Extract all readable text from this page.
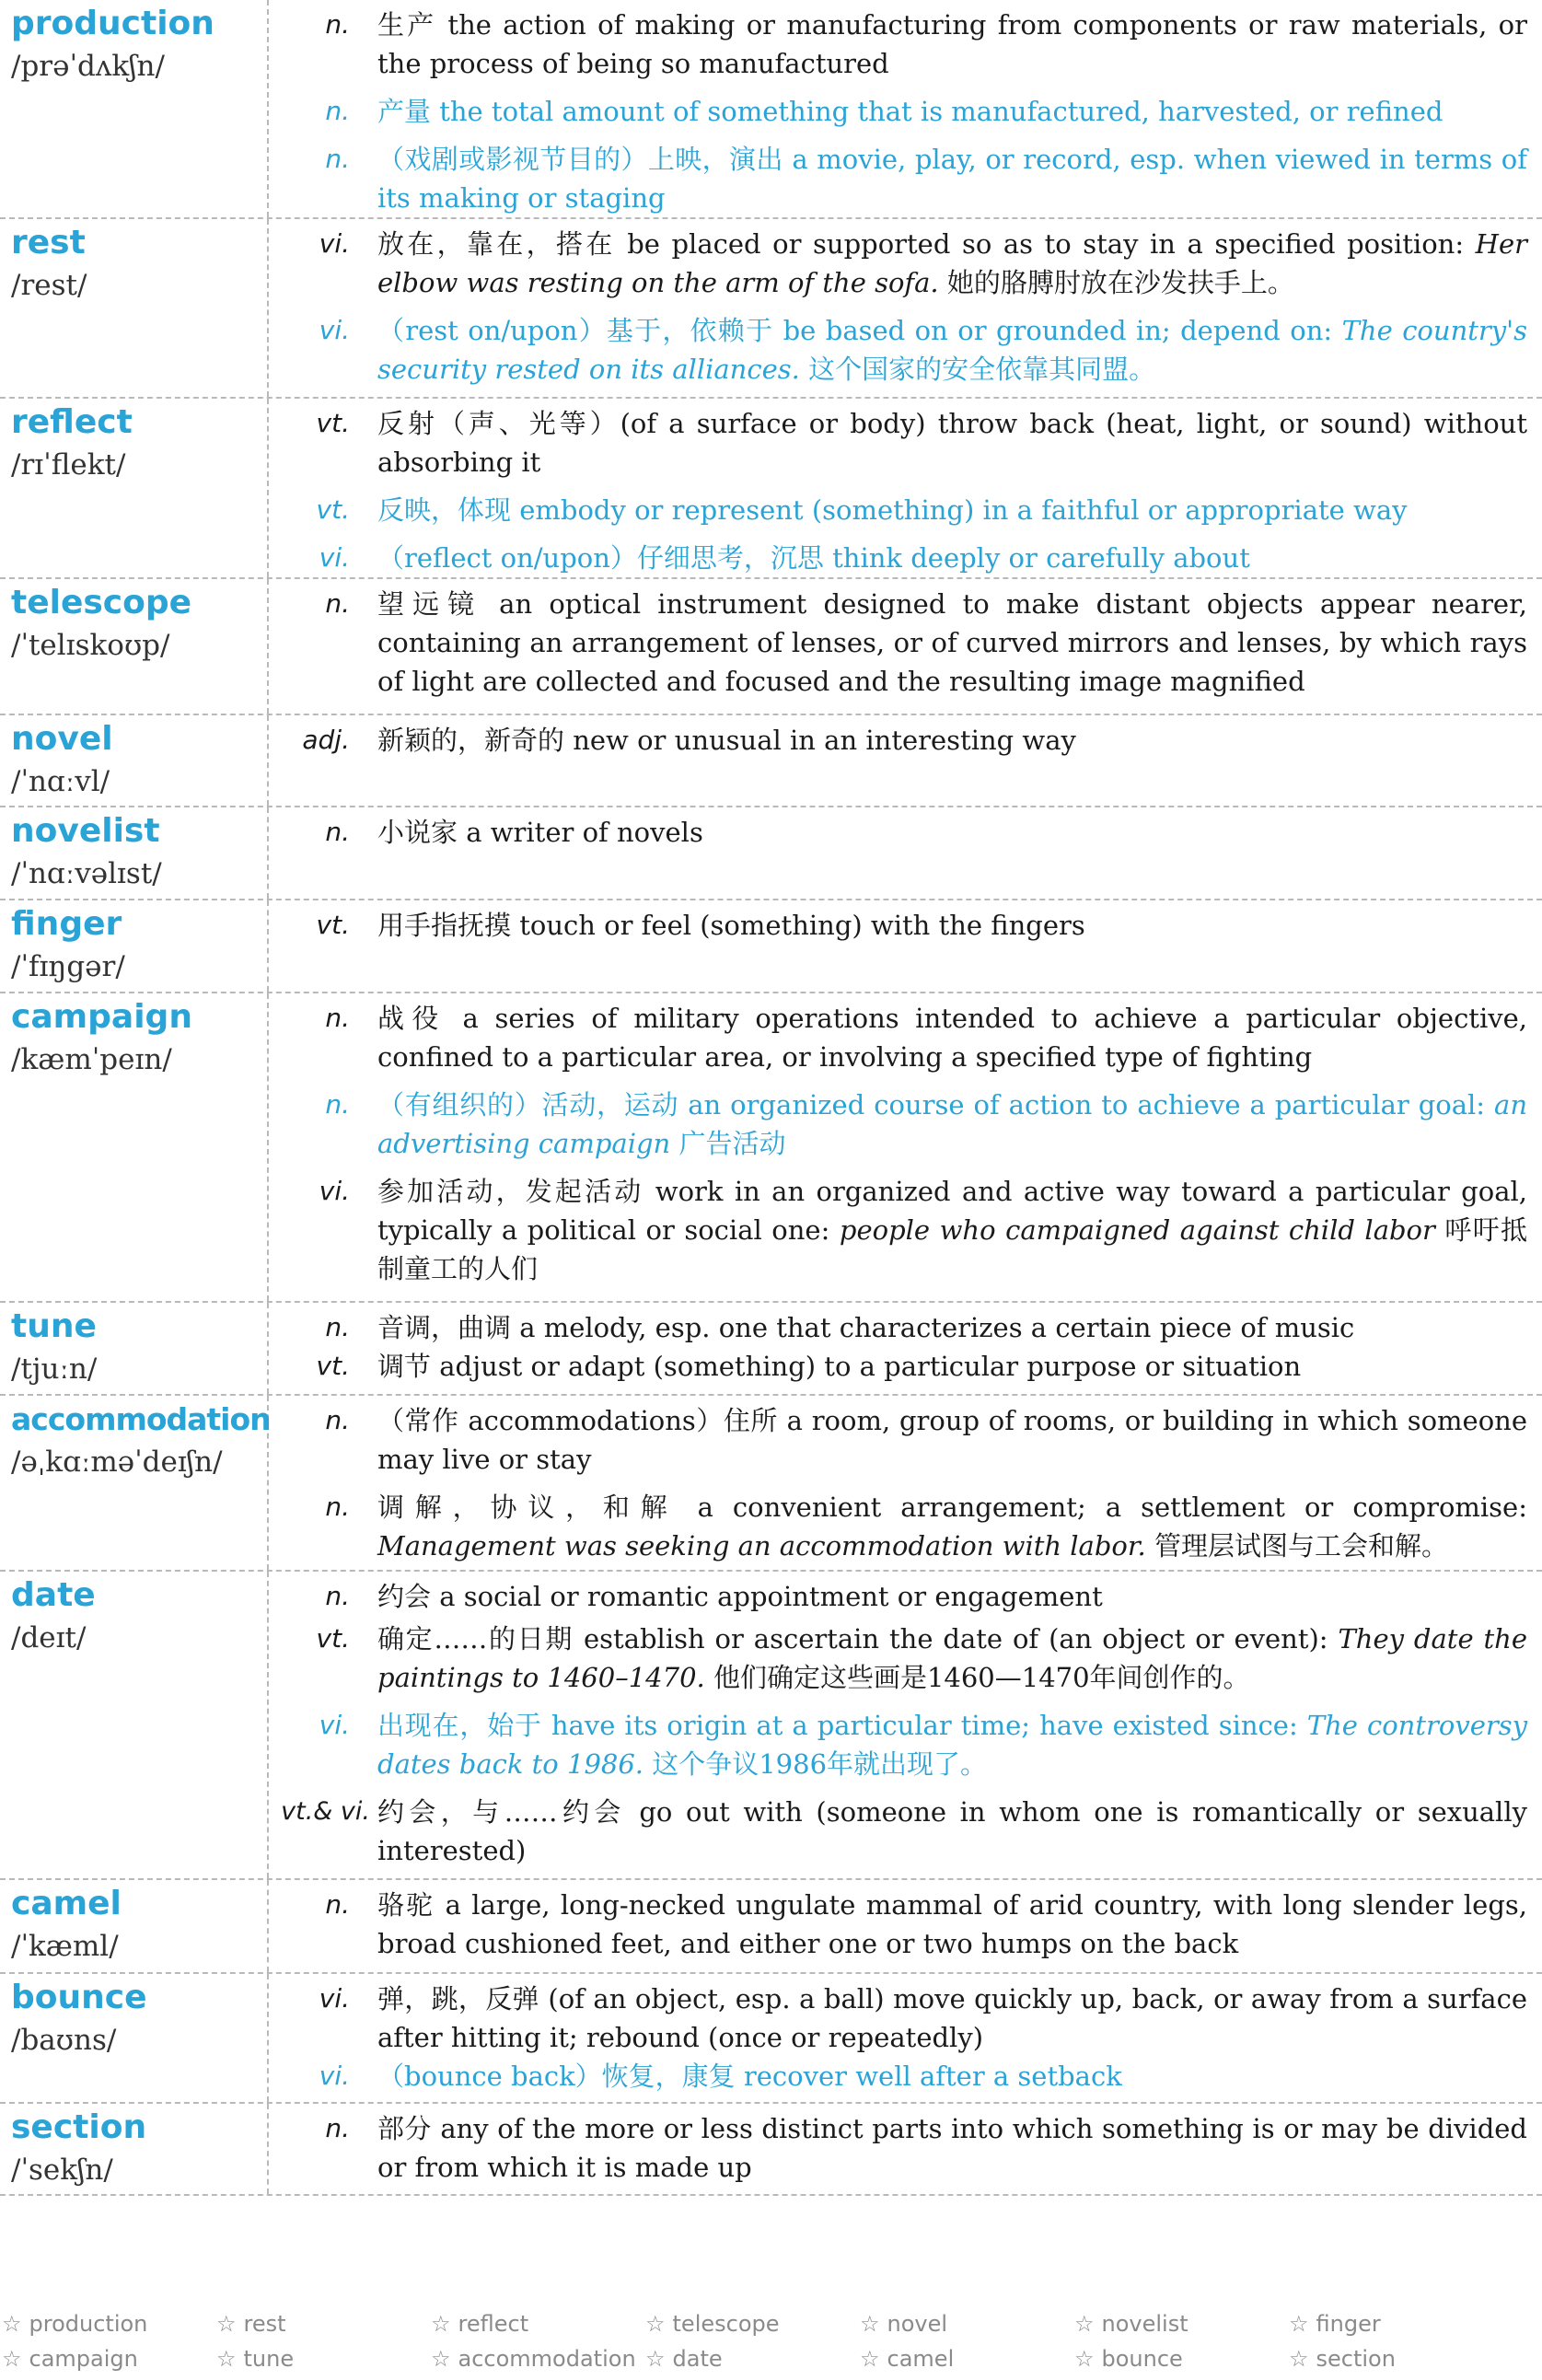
production
/prəˈdʌkʃn/
n.	生产 the action of making or manufacturing from components or raw materials, or the process of being so manufactured
n.	产量 the total amount of something that is manufactured, harvested, or refined
n.	（戏剧或影视节目的）上映，演出 a movie, play, or record, esp. when viewed in terms of its making or staging
rest
/rest/
vi.	放在，靠在，搭在 be placed or supported so as to stay in a specified position: Her elbow was resting on the arm of the sofa. 她的胳膊肘放在沙发扶手上。
vi.	（rest on/upon）基于，依赖于 be based on or grounded in; depend on: The country's security rested on its alliances. 这个国家的安全依靠其同盟。
reflect
/rɪˈflekt/
vt.	反射（声、光等）(of a surface or body) throw back (heat, light, or sound) without absorbing it
vt.	反映，体现 embody or represent (something) in a faithful or appropriate way
vi.	（reflect on/upon）仔细思考，沉思 think deeply or carefully about
telescope
/ˈtelɪskoʊp/
n.	望远镜 an optical instrument designed to make distant objects appear nearer, containing an arrangement of lenses, or of curved mirrors and lenses, by which rays of light are collected and focused and the resulting image magnified
novel
/ˈnɑːvl/
adj.	新颖的，新奇的 new or unusual in an interesting way
novelist
/ˈnɑːvəlɪst/
n.	小说家 a writer of novels
finger
/ˈfɪŋgər/
vt.	用手指抚摸 touch or feel (something) with the fingers
campaign
/kæmˈpeɪn/
n.	战役 a series of military operations intended to achieve a particular objective, confined to a particular area, or involving a specified type of fighting
n.	（有组织的）活动，运动 an organized course of action to achieve a particular goal: an advertising campaign 广告活动
vi.	参加活动，发起活动 work in an organized and active way toward a particular goal, typically a political or social one: people who campaigned against child labor 呼吁抵制童工的人们
tune
/tjuːn/
n.	音调，曲调 a melody, esp. one that characterizes a certain piece of music
vt.	调节 adjust or adapt (something) to a particular purpose or situation
accommodation
/əˌkɑːməˈdeɪʃn/
n.	（常作 accommodations）住所 a room, group of rooms, or building in which someone may live or stay
n.	调解，协议，和解 a convenient arrangement; a settlement or compromise: Management was seeking an accommodation with labor. 管理层试图与工会和解。
date
/deɪt/
n.	约会 a social or romantic appointment or engagement
vt.	确定……的日期 establish or ascertain the date of (an object or event): They date the paintings to 1460–1470. 他们确定这些画是1460—1470年间创作的。
vi.	出现在，始于 have its origin at a particular time; have existed since: The controversy dates back to 1986. 这个争议1986年就出现了。
vt.& vi. 约会，与……约会 go out with (someone in whom one is romantically or sexually interested)
camel
/ˈkæml/
n.	骆驼 a large, long-necked ungulate mammal of arid country, with long slender legs, broad cushioned feet, and either one or two humps on the back
bounce
/baʊns/
vi.	弹，跳，反弹 (of an object, esp. a ball) move quickly up, back, or away from a surface after hitting it; rebound (once or repeatedly)
vi.	（bounce back）恢复，康复 recover well after a setback
section
/ˈsekʃn/
n.	部分 any of the more or less distinct parts into which something is or may be divided or from which it is made up
☆ production	☆ rest	☆ reflect	☆ telescope	☆ novel	☆ novelist	☆ finger
☆ campaign	☆ tune	☆ accommodation ☆ date	☆ camel	☆ bounce	☆ section
